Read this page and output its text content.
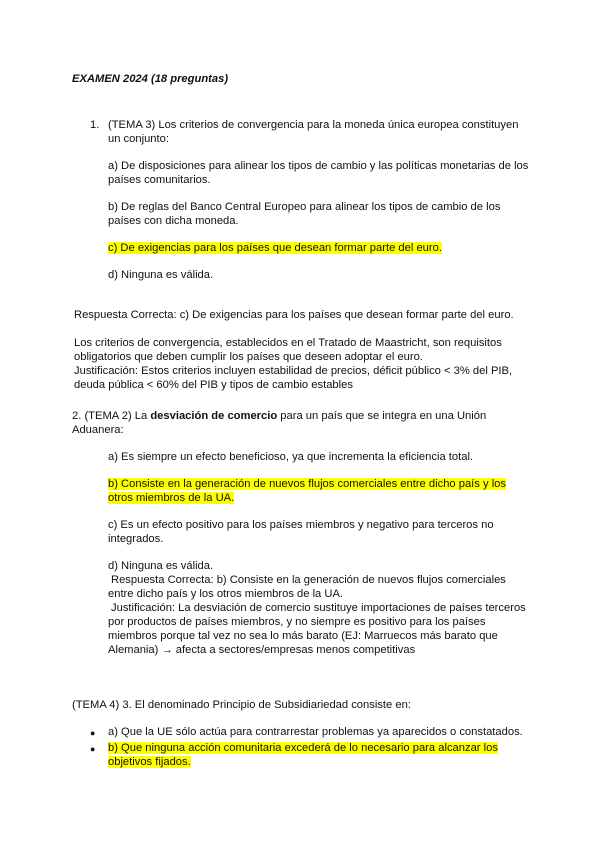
EXAMEN 2024 (18 preguntas)
1. (TEMA 3) Los criterios de convergencia para la moneda única europea constituyen
un conjunto:
a) De disposiciones para alinear los tipos de cambio y las políticas monetarias de los
países comunitarios.
b) De reglas del Banco Central Europeo para alinear los tipos de cambio de los
países con dicha moneda.
c) De exigencias para los países que desean formar parte del euro.
d) Ninguna es válida.
Respuesta Correcta: c) De exigencias para los países que desean formar parte del euro.
Los criterios de convergencia, establecidos en el Tratado de Maastricht, son requisitos
obligatorios que deben cumplir los países que deseen adoptar el euro.
Justificación: Estos criterios incluyen estabilidad de precios, déficit público < 3% del PIB,
deuda pública < 60% del PIB y tipos de cambio estables
2. (TEMA 2) La desviación de comercio para un país que se integra en una Unión
Aduanera:
a) Es siempre un efecto beneficioso, ya que incrementa la eficiencia total.
b) Consiste en la generación de nuevos flujos comerciales entre dicho país y los
otros miembros de la UA.
c) Es un efecto positivo para los países miembros y negativo para terceros no
integrados.
d) Ninguna es válida.
Respuesta Correcta: b) Consiste en la generación de nuevos flujos comerciales
entre dicho país y los otros miembros de la UA.
Justificación: La desviación de comercio sustituye importaciones de países terceros
por productos de países miembros, y no siempre es positivo para los países
miembros porque tal vez no sea lo más barato (EJ: Marruecos más barato que
Alemania) → afecta a sectores/empresas menos competitivas
(TEMA 4) 3. El denominado Principio de Subsidiariedad consiste en:
● a) Que la UE sólo actúa para contrarrestar problemas ya aparecidos o constatados.
● b) Que ninguna acción comunitaria excederá de lo necesario para alcanzar los
objetivos fijados.
